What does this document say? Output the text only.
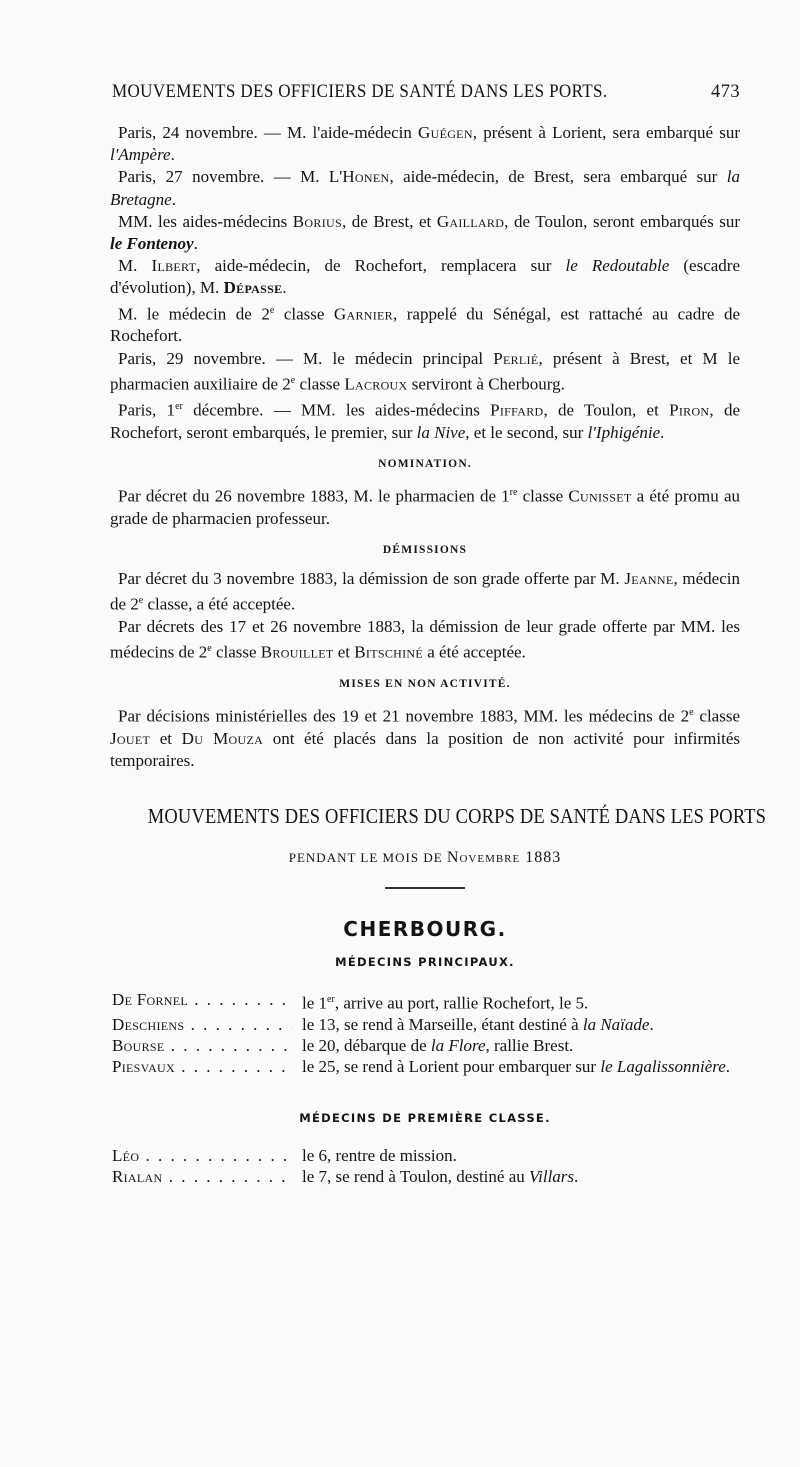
MOUVEMENTS DES OFFICIERS DE SANTÉ DANS LES PORTS.	473

Paris, 24 novembre. — M. l'aide-médecin Guégen, présent à Lorient, sera embarqué sur l'Ampère.

Paris, 27 novembre. — M. L'Honen, aide-médecin, de Brest, sera embarqué sur la Bretagne.

MM. les aides-médecins Borius, de Brest, et Gaillard, de Toulon, seront embarqués sur le Fontenoy.

M. Ilbert, aide-médecin, de Rochefort, remplacera sur le Redoutable (escadre d'évolution), M. Dépasse.

M. le médecin de 2e classe Garnier, rappelé du Sénégal, est rattaché au cadre de Rochefort.

Paris, 29 novembre. — M. le médecin principal Perlié, présent à Brest, et M le pharmacien auxiliaire de 2e classe Lacroux serviront à Cherbourg.

Paris, 1er décembre. — MM. les aides-médecins Piffard, de Toulon, et Piron, de Rochefort, seront embarqués, le premier, sur la Nive, et le second, sur l'Iphigénie.

NOMINATION.

Par décret du 26 novembre 1883, M. le pharmacien de 1re classe Cunisset a été promu au grade de pharmacien professeur.

DÉMISSIONS

Par décret du 3 novembre 1883, la démission de son grade offerte par M. Jeanne, médecin de 2e classe, a été acceptée.

Par décrets des 17 et 26 novembre 1883, la démission de leur grade offerte par MM. les médecins de 2e classe Brouillet et Bitschiné a été acceptée.

MISES EN NON ACTIVITÉ.

Par décisions ministérielles des 19 et 21 novembre 1883, MM. les médecins de 2e classe Jouet et Du Mouza ont été placés dans la position de non activité pour infirmités temporaires.

MOUVEMENTS DES OFFICIERS DU CORPS DE SANTÉ DANS LES PORTS
PENDANT LE MOIS DE Novembre 1883
CHERBOURG.
MÉDECINS PRINCIPAUX.
De Fornel . . .	le 1er, arrive au port, rallie Rochefort, le 5.
Deschiens . . .	le 13, se rend à Marseille, étant destiné à la Naïade.
Bourse . . .	le 20, débarque de la Flore, rallie Brest.
Piesvaux . . .	le 25, se rend à Lorient pour embarquer sur le Lagalissonnière.
MÉDECINS DE PREMIÈRE CLASSE.
Léo . . .	le 6, rentre de mission.
Rialan . . .	le 7, se rend à Toulon, destiné au Villars.
